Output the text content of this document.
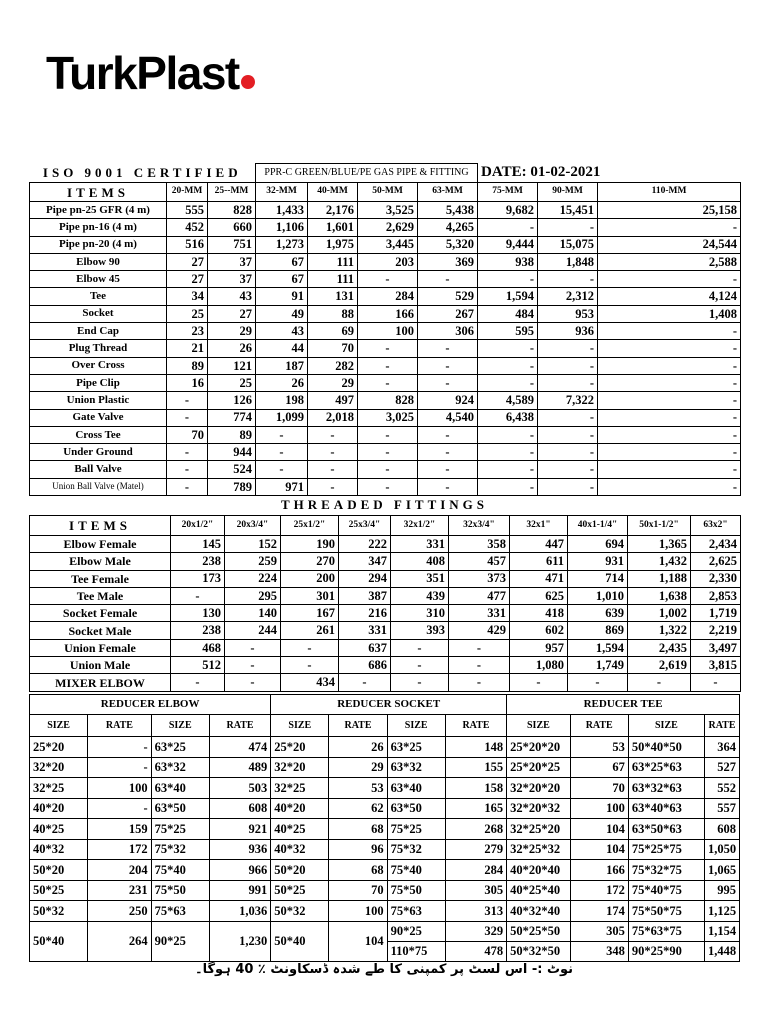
TurkPlast
ISO 9001 CERTIFIED			PPR-C GREEN/BLUE/PE GAS PIPE & FITTING				DATE: 01-02-2021		
ITEMS	20-MM	25--MM	32-MM	40-MM	50-MM	63-MM	75-MM	90-MM	110-MM
Pipe pn-25 GFR (4 m)	555	828	1,433	2,176	3,525	5,438	9,682	15,451	25,158
Pipe pn-16 (4 m)	452	660	1,106	1,601	2,629	4,265	-	-	-
Pipe pn-20 (4 m)	516	751	1,273	1,975	3,445	5,320	9,444	15,075	24,544
Elbow 90	27	37	67	111	203	369	938	1,848	2,588
Elbow 45	27	37	67	111	-	-	-	-	-
Tee	34	43	91	131	284	529	1,594	2,312	4,124
Socket	25	27	49	88	166	267	484	953	1,408
End Cap	23	29	43	69	100	306	595	936	-
Plug Thread	21	26	44	70	-	-	-	-	-
Over Cross	89	121	187	282	-	-	-	-	-
Pipe Clip	16	25	26	29	-	-	-	-	-
Union Plastic	-	126	198	497	828	924	4,589	7,322	-
Gate Valve	-	774	1,099	2,018	3,025	4,540	6,438	-	-
Cross Tee	70	89	-	-	-	-	-	-	-
Under Ground	-	944	-	-	-	-	-	-	-
Ball Valve	-	524	-	-	-	-	-	-	-
Union Ball Valve (Matel)	-	789	971	-	-	-	-	-	-
THREADED FITTINGS
ITEMS	20x1/2"	20x3/4"	25x1/2"	25x3/4"	32x1/2"	32x3/4"	32x1"	40x1-1/4"	50x1-1/2"	63x2"
Elbow Female	145	152	190	222	331	358	447	694	1,365	2,434
Elbow Male	238	259	270	347	408	457	611	931	1,432	2,625
Tee Female	173	224	200	294	351	373	471	714	1,188	2,330
Tee Male	-	295	301	387	439	477	625	1,010	1,638	2,853
Socket Female	130	140	167	216	310	331	418	639	1,002	1,719
Socket Male	238	244	261	331	393	429	602	869	1,322	2,219
Union Female	468	-	-	637	-	-	957	1,594	2,435	3,497
Union Male	512	-	-	686	-	-	1,080	1,749	2,619	3,815
MIXER ELBOW	-	-	434	-	-	-	-	-	-	-
REDUCER ELBOW				REDUCER SOCKET				REDUCER TEE			
SIZE	RATE	SIZE	RATE	SIZE	RATE	SIZE	RATE	SIZE	RATE	SIZE	RATE
25*20	-	63*25	474	25*20	26	63*25	148	25*20*20	53	50*40*50	364
32*20	-	63*32	489	32*20	29	63*32	155	25*20*25	67	63*25*63	527
32*25	100	63*40	503	32*25	53	63*40	158	32*20*20	70	63*32*63	552
40*20	-	63*50	608	40*20	62	63*50	165	32*20*32	100	63*40*63	557
40*25	159	75*25	921	40*25	68	75*25	268	32*25*20	104	63*50*63	608
40*32	172	75*32	936	40*32	96	75*32	279	32*25*32	104	75*25*75	1,050
50*20	204	75*40	966	50*20	68	75*40	284	40*20*40	166	75*32*75	1,065
50*25	231	75*50	991	50*25	70	75*50	305	40*25*40	172	75*40*75	995
50*32	250	75*63	1,036	50*32	100	75*63	313	40*32*40	174	75*50*75	1,125
50*40	264	90*25	1,230	50*40	104	90*25	329	50*25*50	305	75*63*75	1,154
						110*75	478	50*32*50	348	90*25*90	1,448
نوٹ :- اس لسٹ پر کمپنی کا طے شدہ ڈسکاونٹ ٪ 40 ہوگا۔
